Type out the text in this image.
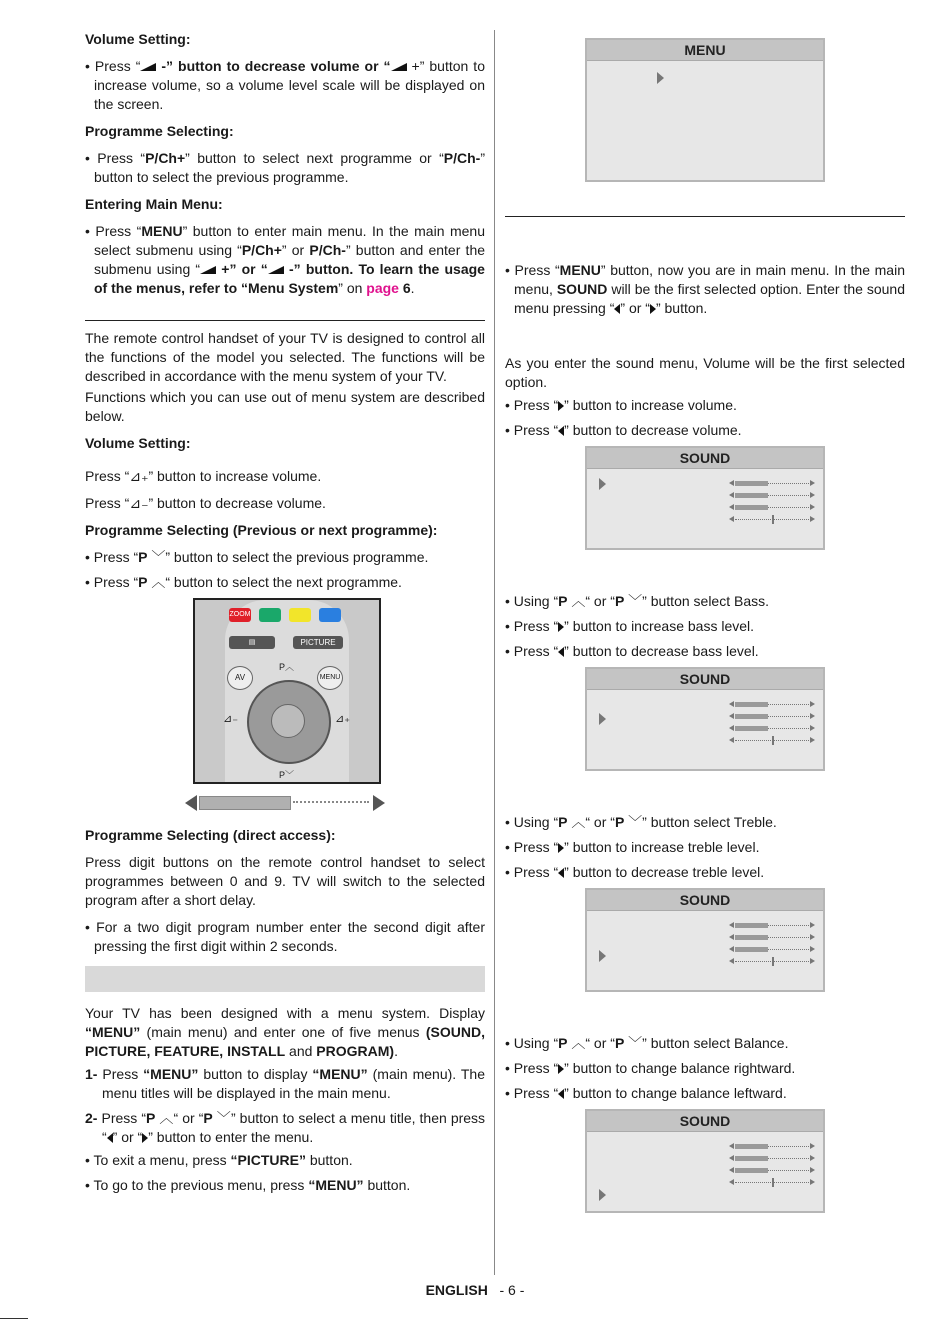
Volume Setting:
• Press “ -” button to decrease volume or “ +” button to increase volume, so a volume level scale will be displayed on the screen.
Programme Selecting:
• Press “P/Ch+” button to select next programme or “P/Ch-” button to select the previous programme.
Entering Main Menu:
• Press “MENU” button to enter main menu. In the main menu select submenu using “P/Ch+” or P/Ch-” button and enter the submenu using “ +” or “ -” button. To learn the usage of the menus, refer to “Menu System” on page 6.

The remote control handset of your TV is designed to control all the functions of the model you selected. The functions will be described in accordance with the menu system of your TV.

Functions which you can use out of menu system are described below.

Volume Setting:

Press “⊿₊” button to increase volume.

Press “⊿₋” button to decrease volume.

Programme Selecting (Previous or next programme):
• Press “P ﹀” button to select the previous programme.
• Press “P ︿“ button to select the next programme.
ZOOM
▤	PICTURE
AV	MENU
P︿
P﹀
⊿₋	⊿₊
Programme Selecting (direct access):

Press digit buttons on the remote control handset to select programmes between 0 and 9. TV will switch to the selected program after a short delay.

• For a two digit program number enter the second digit after pressing the first digit within 2 seconds.

Your TV has been designed with a menu system. Display “MENU” (main menu) and enter one of five menus (SOUND, PICTURE, FEATURE, INSTALL and PROGRAM).

1- Press “MENU” button to display “MENU” (main menu). The menu titles will be displayed in the main menu.
2- Press “P ︿“ or “P ﹀” button to select a menu title, then press “ ” or “ ” button to enter the menu.
• To exit a menu, press “PICTURE” button.
• To go to the previous menu, press “MENU” button.
MENU
• Press “MENU” button, now you are in main menu. In the main menu, SOUND will be the first selected option. Enter the sound menu pressing “ ” or “ ” button.

As you enter the sound menu, Volume will be the first selected option.

• Press “ ” button to increase volume.
• Press “ ” button to decrease volume.
SOUND
• Using “P ︿“ or “P ﹀” button select Bass.
• Press “ ” button to increase bass level.
• Press “ ” button to decrease bass level.
SOUND
• Using “P ︿“ or “P ﹀” button select Treble.
• Press “ ” button to increase treble level.
• Press “ ” button to decrease treble level.
SOUND
• Using “P ︿“ or “P ﹀” button select Balance.
• Press “ ” button to change balance rightward.
• Press “ ” button to change balance leftward.
SOUND
ENGLISH - 6 -
